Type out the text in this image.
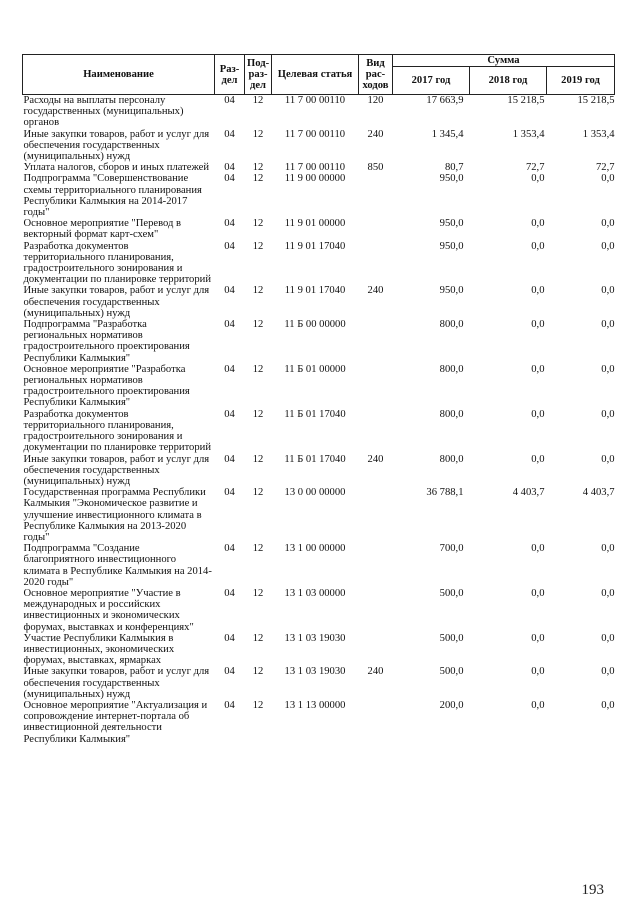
Наименование	Раз-дел	Под-раз-дел	Целевая статья	Вид рас-ходов	Сумма		
					2017 год	2018 год	2019 год
Расходы на выплаты персоналу государственных (муниципальных) органов	04	12	11 7 00 00110	120	17 663,9	15 218,5	15 218,5
Иные закупки товаров, работ и услуг для обеспечения государственных (муниципальных) нужд	04	12	11 7 00 00110	240	1 345,4	1 353,4	1 353,4
Уплата налогов, сборов и иных платежей	04	12	11 7 00 00110	850	80,7	72,7	72,7
Подпрограмма "Совершенствование схемы территориального планирования Республики Калмыкия на 2014-2017 годы"	04	12	11 9 00 00000		950,0	0,0	0,0
Основное мероприятие "Перевод в векторный формат карт-схем"	04	12	11 9 01 00000		950,0	0,0	0,0
Разработка документов территориального планирования, градостроительного зонирования и документации по планировке территорий	04	12	11 9 01 17040		950,0	0,0	0,0
Иные закупки товаров, работ и услуг для обеспечения государственных (муниципальных) нужд	04	12	11 9 01 17040	240	950,0	0,0	0,0
Подпрограмма "Разработка региональных нормативов градостроительного проектирования Республики Калмыкия"	04	12	11 Б 00 00000		800,0	0,0	0,0
Основное мероприятие "Разработка региональных нормативов градостроительного проектирования Республики Калмыкия"	04	12	11 Б 01 00000		800,0	0,0	0,0
Разработка документов территориального планирования, градостроительного зонирования и документации по планировке территорий	04	12	11 Б 01 17040		800,0	0,0	0,0
Иные закупки товаров, работ и услуг для обеспечения государственных (муниципальных) нужд	04	12	11 Б 01 17040	240	800,0	0,0	0,0
Государственная программа Республики Калмыкия "Экономическое развитие и улучшение инвестиционного климата в Республике Калмыкия на 2013-2020 годы"	04	12	13 0 00 00000		36 788,1	4 403,7	4 403,7
Подпрограмма "Создание благоприятного инвестиционного климата в Республике Калмыкия на 2014-2020 годы"	04	12	13 1 00 00000		700,0	0,0	0,0
Основное мероприятие "Участие в международных и российских инвестиционных и экономических форумах, выставках и конференциях"	04	12	13 1 03 00000		500,0	0,0	0,0
Участие Республики Калмыкия в инвестиционных, экономических форумах, выставках, ярмарках	04	12	13 1 03 19030		500,0	0,0	0,0
Иные закупки товаров, работ и услуг для обеспечения государственных (муниципальных) нужд	04	12	13 1 03 19030	240	500,0	0,0	0,0
Основное мероприятие "Актуализация и сопровождение интернет-портала об инвестиционной деятельности Республики Калмыкия"	04	12	13 1 13 00000		200,0	0,0	0,0
193
